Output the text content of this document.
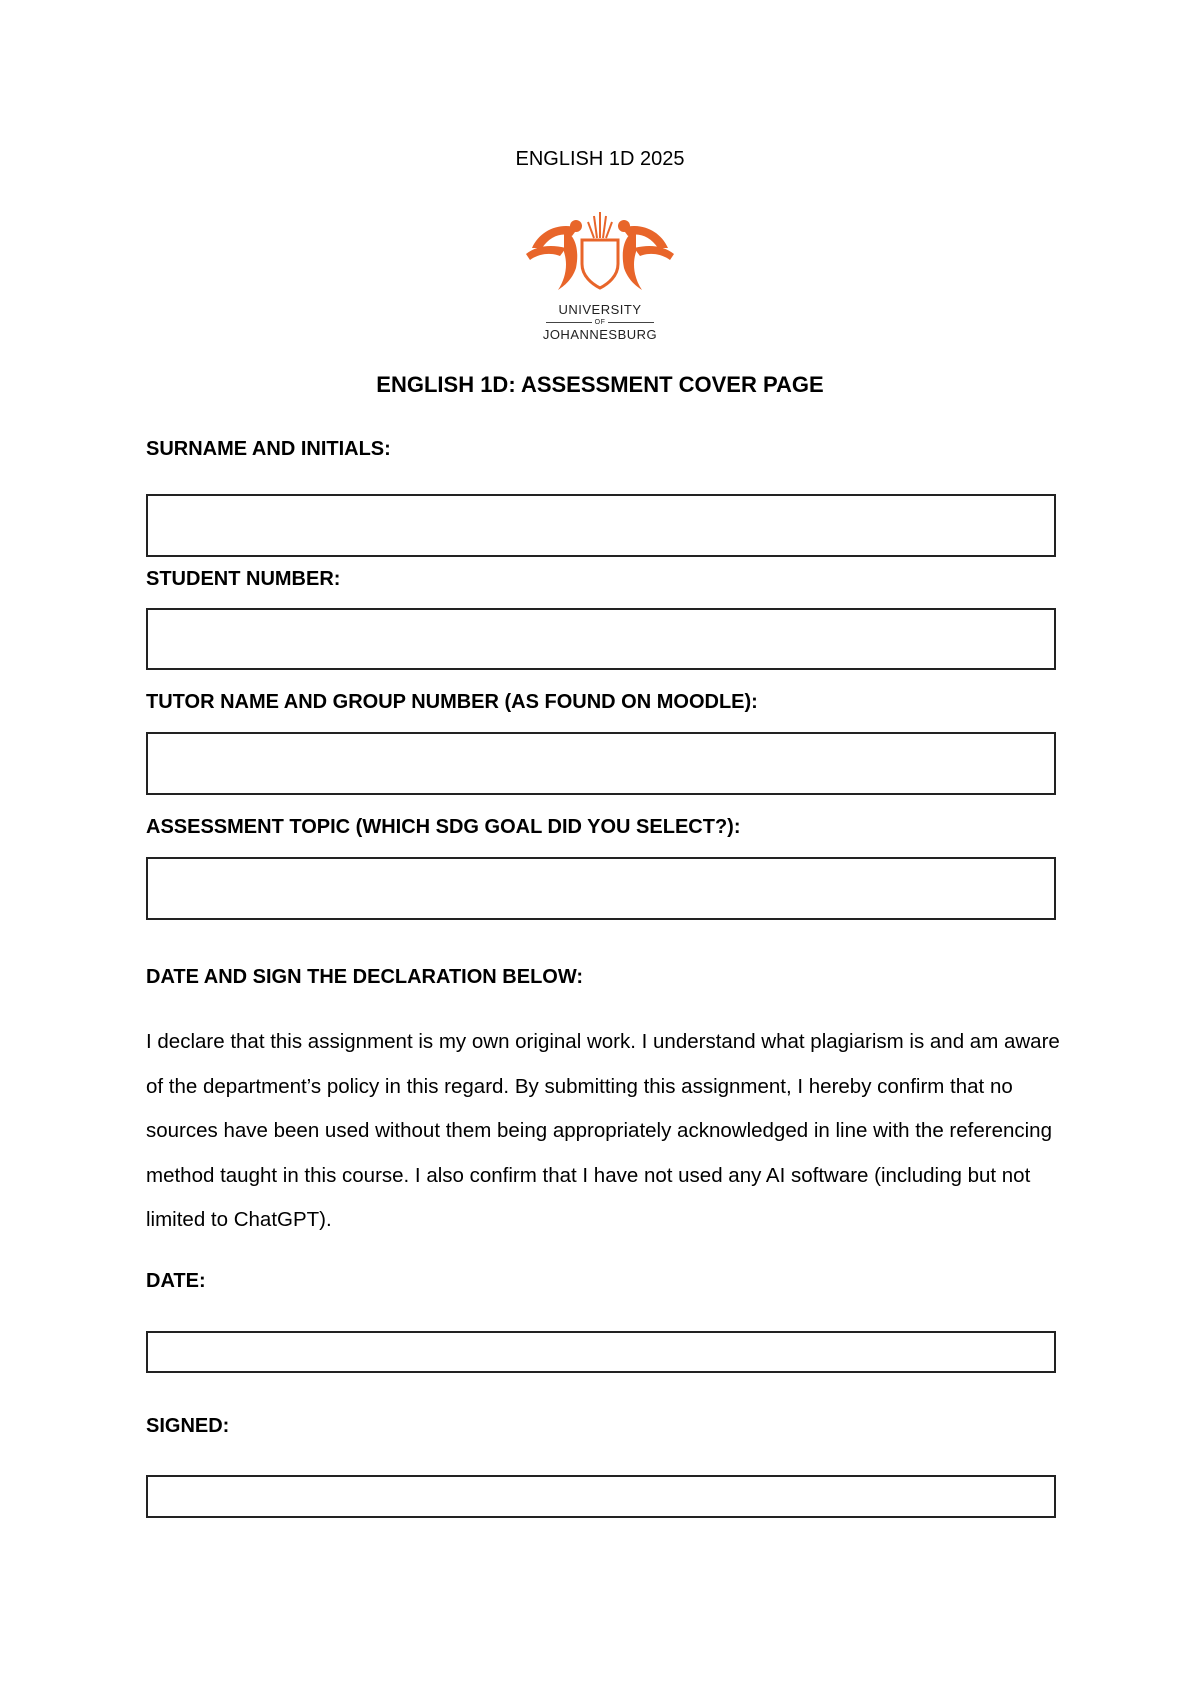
ENGLISH 1D 2025
UNIVERSITY
OF
JOHANNESBURG
ENGLISH 1D: ASSESSMENT COVER PAGE
SURNAME AND INITIALS:
STUDENT NUMBER:
TUTOR NAME AND GROUP NUMBER (AS FOUND ON MOODLE):
ASSESSMENT TOPIC (WHICH SDG GOAL DID YOU SELECT?):
DATE AND SIGN THE DECLARATION BELOW:
I declare that this assignment is my own original work. I understand what plagiarism is and am aware of the department’s policy in this regard. By submitting this assignment, I hereby confirm that no sources have been used without them being appropriately acknowledged in line with the referencing method taught in this course. I also confirm that I have not used any AI software (including but not limited to ChatGPT).
DATE:
SIGNED:
